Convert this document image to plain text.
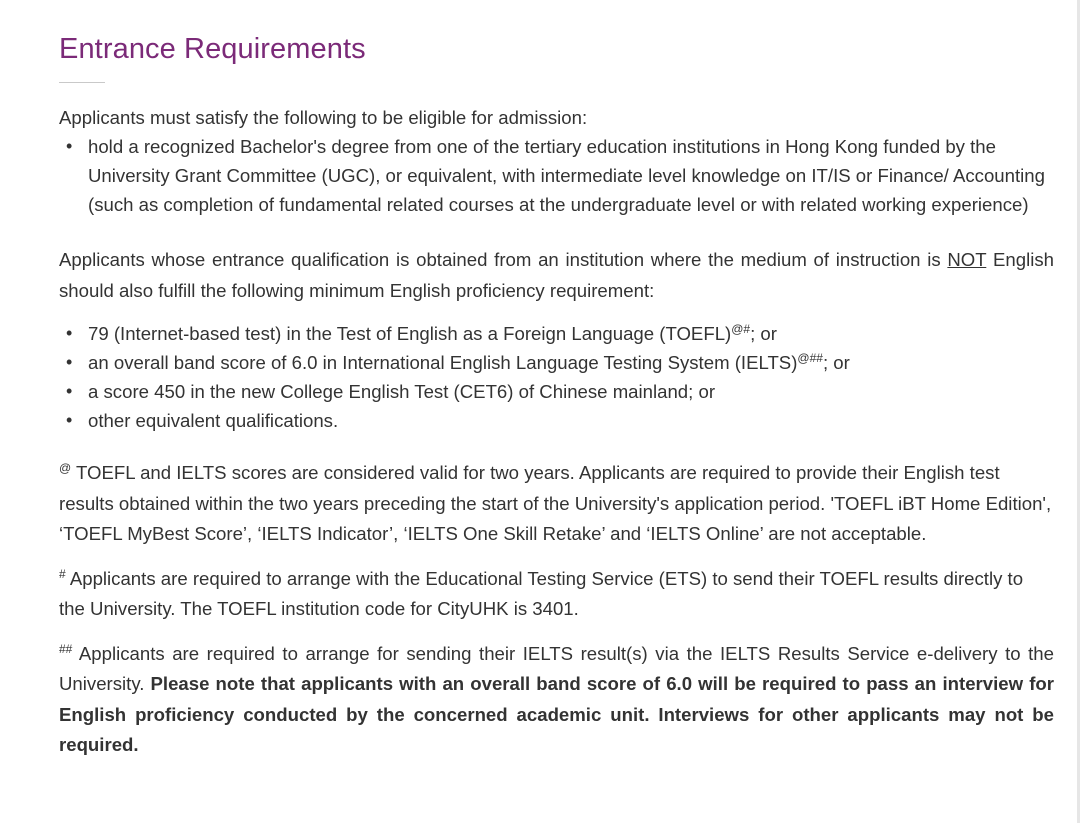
Entrance Requirements

Applicants must satisfy the following to be eligible for admission:

• hold a recognized Bachelor's degree from one of the tertiary education institutions in Hong Kong funded by the University Grant Committee (UGC), or equivalent, with intermediate level knowledge on IT/IS or Finance/ Accounting (such as completion of fundamental related courses at the undergraduate level or with related working experience)

Applicants whose entrance qualification is obtained from an institution where the medium of instruction is NOT English should also fulfill the following minimum English proficiency requirement:

• 79 (Internet-based test) in the Test of English as a Foreign Language (TOEFL)@#; or
• an overall band score of 6.0 in International English Language Testing System (IELTS)@##; or
• a score 450 in the new College English Test (CET6) of Chinese mainland; or
• other equivalent qualifications.

@ TOEFL and IELTS scores are considered valid for two years. Applicants are required to provide their English test results obtained within the two years preceding the start of the University's application period. 'TOEFL iBT Home Edition', ‘TOEFL MyBest Score’, ‘IELTS Indicator’, ‘IELTS One Skill Retake’ and ‘IELTS Online’ are not acceptable.

# Applicants are required to arrange with the Educational Testing Service (ETS) to send their TOEFL results directly to the University. The TOEFL institution code for CityUHK is 3401.

## Applicants are required to arrange for sending their IELTS result(s) via the IELTS Results Service e-delivery to the University. Please note that applicants with an overall band score of 6.0 will be required to pass an interview for English proficiency conducted by the concerned academic unit. Interviews for other applicants may not be required.
